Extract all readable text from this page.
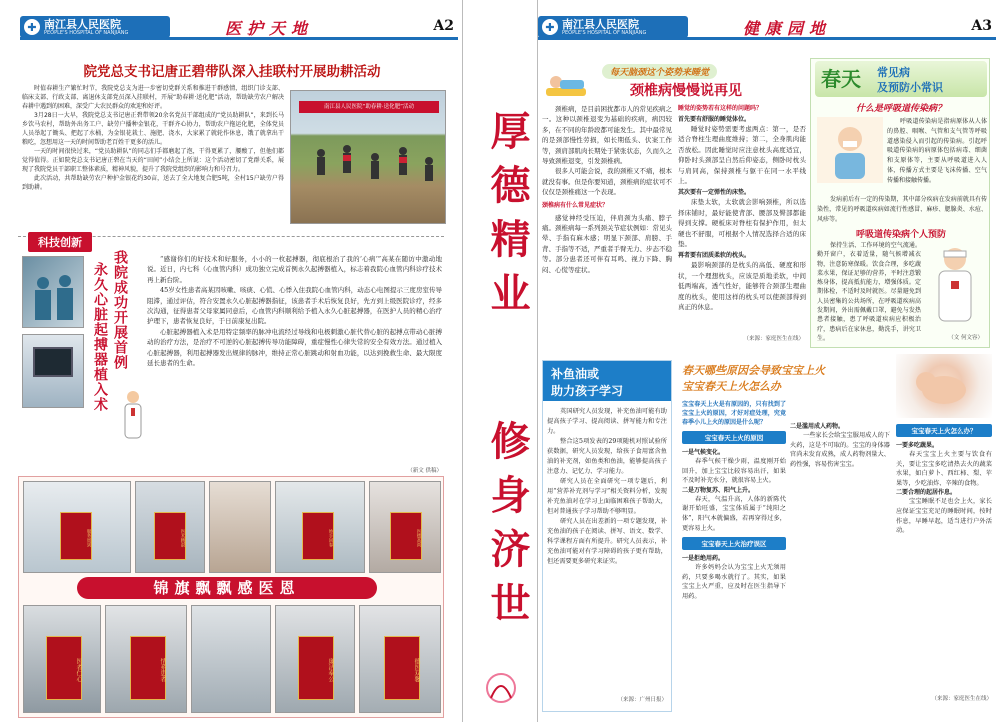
✚ 南江县人民医院
PEOPLE'S HOSPITAL OF NANJIANG	医护天地	A2
院党总支书记唐正碧带队深入挂联村开展助耕活动

时值春耕生产繁忙时节，我院党总支为进一步密切党群关系和推进干群感情，组织门诊支部、临床支部、行政支部、离退休支部党员深入挂联村，开展“助春耕·送化肥”活动，帮助缺劳农户解决春耕中遇到的困难，深受广大农民群众的欢迎和好评。

3月28日一大早，我院党总支书记唐正碧带领20余名党员干部组成的“党员助耕队”，来到长马乡饮马农村，帮助外出务工户、缺劳户播种金银花，干群齐心协力，帮助农户拖运化肥，全体党员人员举起了锄头、把起了水桶，为金银花栽土、施肥、浇水，大家累了就轮作休息，饿了就拿出干粮吃，忽想用这一天的时间帮助老百姓干更多的活儿。

一天的时间很快过来，“党员助耕队”的同志们手都磨起了泡，干得更累了，腰酸了，但他们都觉得值得。正如院党总支书记唐正碧在当天的“田间”小结会上所说：这个活动密切了党群关系，展现了我院党员干部职工整体素质，精神风貌，提升了我院党组织的影响力和号召力。

此次活动，共帮助缺劳农户种护金银花约30亩，送去了全大地复合肥5吨，全村15户缺劳户得到助耕。

南江县人民医院“助春耕·送化肥”活动
科技创新
我院成功开展首例
永久心脏起搏器植入术

“感谢你们的好技术和好服务，小小的一枚起搏器，彻底根治了我的‘心病’”高某在随访中激动地说。近日，内七科（心血管内科）成功独立完成首例永久起搏器植入，标志着我院心血管内科诊疗技术再上新台阶。

45岁女性患者高某因咳嗽、咳痰、心慌、心悸入住我院心血管内科，动态心电图提示三度房室传导阻滞，通过评估，符合安置永久心脏起搏器指征，该患者手术后恢复良好，先方到上级医院诊疗，经多次沟通，征得患者父母家属同意后，心血管内科顺利给予植入永久心脏起搏器，在医护人员的精心治疗护理下，患者恢复良好，于日前康复出院。

心脏起搏器植入术是用特定频率的脉冲电流经过导线和电极刺激心脏代替心脏的起搏点带动心脏搏动的治疗方法，是治疗不可逆的心脏起搏传导功能障碍，重症慢性心律失常的安全有效方法。通过植入心脏起搏器，利用起搏器发出规律的脉冲，维持正常心脏跳动和射血功能，以达到挽救生命、最大限度延长患者的生命。

（新文 供稿）
服务周到	医术精湛	妙手回春	医德高尚
锦旗飘飘感医恩
医者仁心	情系患者	廉洁奉公	德医双馨
厚德精业
修身济世
✚ 南江县人民医院
PEOPLE'S HOSPITAL OF NANJIANG	健康园地	A3
每天脑颈这个姿势来睡觉
颈椎病慢慢说再见

颈椎病，是目前困扰都市人的常见疾病之一。这种以颈椎退变为基础的疾病，病因较多，在不同的年龄段都可能发生。其中最常见的是颈部慢性劳损，如长期低头、伏案工作等，颈肩部肌肉长期处于紧张状态，久而久之导致颈椎退变，引发颈椎病。

很多人可能会说，我的颈椎又不痛，根本就没有事。但是你要知道，颈椎病的症状可不仅仅是颈椎痛这一个表现。

颈椎病有什么常见症状？

感觉神经受压迫，伴肩颈为头痛、脖子痛。颈椎病每一系列颈关节症状例如：常见头晕、手指有麻木感；明显下颈部、肩膀、手背、手指等不适，严重者手臂无力、步态不稳等。部分患者还可伴有耳鸣、视力下降、胸闷、心慌等症状。

睡觉的姿势若有这样的问题吗？

首先要有舒服的睡觉体位。

睡觉时姿势需要考虑两点：第一，是否适合脊柱生理曲度维持；第二，全身肌肉能否放松。因此睡觉时应注意枕头高度适宜，仰卧时头颈部呈自然后仰姿态，侧卧时枕头与肩同高，保持颈椎与躯干在同一水平线上。

其次要有一定弹性的床垫。

床垫太软，太软就会影响颈椎，所以选择床铺时，最好能使背部、腰部及臀部都能得到支撑。硬板床对脊柱有保护作用，但太硬也不舒服，可根据个人情况选择合适的床垫。

再者要有团质柔软的枕头。

最影响颈部的是枕头的高低、硬度和形状，一个理想枕头，应该是质地柔软，中间低两端高，透气性好，能够符合颈部生理曲度的枕头，使用这样的枕头可以使颈部得到真正的休息。

（来源：家庭医生在线）
春天 常见病
及预防小常识
什么是呼吸道传染病？

呼吸道传染病是指病原体从人体的鼻腔、咽喉、气管和支气管等呼吸道感染侵入而引起的传染病。引起呼吸道传染病的病原体包括病毒、细菌和支原体等，主要从呼吸道进入人体，传播方式主要是飞沫传播、空气传播和接触传播。

发病前后有一定的传染期，其中部分疾病在发病前就具有传染性，常见的呼吸道疾病如流行性感冒、麻疹、腮腺炎、水痘、风疹等。

呼吸道传染病个人预防

保持生活、工作环境的空气流通。勤开窗户，衣着适量，随气候增减衣物，注意防寒保暖。饮食合理，多吃蔬菜水果，保证足够的营养，平时注意锻炼身体，提高抵抗能力，增强体质。定期体检，不适时及时就医。尽量避免到人员密集的公共场所，在呼吸道疾病高发期间，外出需佩戴口罩，避免与发热患者接触，患了呼吸道疾病应积极治疗，患病后在家休息，勤洗手，讲究卫生。	（文 何文容）
补鱼油或
助力孩子学习

英国研究人员发现，补充鱼油可能有助提高孩子学习、提高阅读、拼写能力和专注力。

整合这5项发表的29项随机对照试验所获数据，研究人员发现，给孩子食用富含鱼油的补充剂，如鱼类和鱼油，能够提高孩子注意力、记忆力、学习能力。

研究人员在全面研究一项专题后，利用“营养补充剂与学习”相关资料分析，发现补充鱼油对在学习上面临困难孩子帮助大，但对普通孩子学习帮助不够明显。

研究人员在出差新的一项专题发现，补充鱼油的孩子在阅读、拼写、语文、数学、科学课程方面有所提升。研究人员表示，补充鱼油可能对有学习障碍的孩子更有帮助，但还需要更多研究来证实。

（来源：广州日报）
春天哪些原因会导致宝宝上火
宝宝春天上火怎么办

宝宝春天上火是有原因的，只有找到了宝宝上火的原因，才好对症处理，究竟春季小儿上火的原因是什么呢？

宝宝春天上火的原因

一是气候变化。

春季气候干燥少雨，温度刚开始回升，加上宝宝比较容易出汗，如果不及时补充水分，就很容易上火。

二是万物复苏、阳气上升。

春天，气温升高，人体的新陈代谢开始旺盛，宝宝体质属于“纯阳之体”，阳气本就偏盛，若再穿得过多，更容易上火。

宝宝春天上火治疗误区

一是拒绝用药。

许多妈妈会认为宝宝上火无须用药，只要多喝水就行了。其实，如果宝宝上火严重，应及时在医生指导下用药。

二是滥用成人药物。

一些家长会给宝宝服用成人的下火药，这是不可取的。宝宝的身体器官尚未发育成熟，成人药物剂量大、药性强，容易伤害宝宝。

宝宝春天上火怎么办？

一要多吃蔬果。

春天宝宝上火主要与饮食有关，要让宝宝多吃清热去火的蔬菜水果，如白萝卜、西红柿、梨、苹果等，少吃油炸、辛辣的食物。

二要合理的起居作息。

宝宝睡眠不足也会上火，家长应保证宝宝充足的睡眠时间，按时作息，早睡早起，适当进行户外活动。

（来源：家庭医生在线）
